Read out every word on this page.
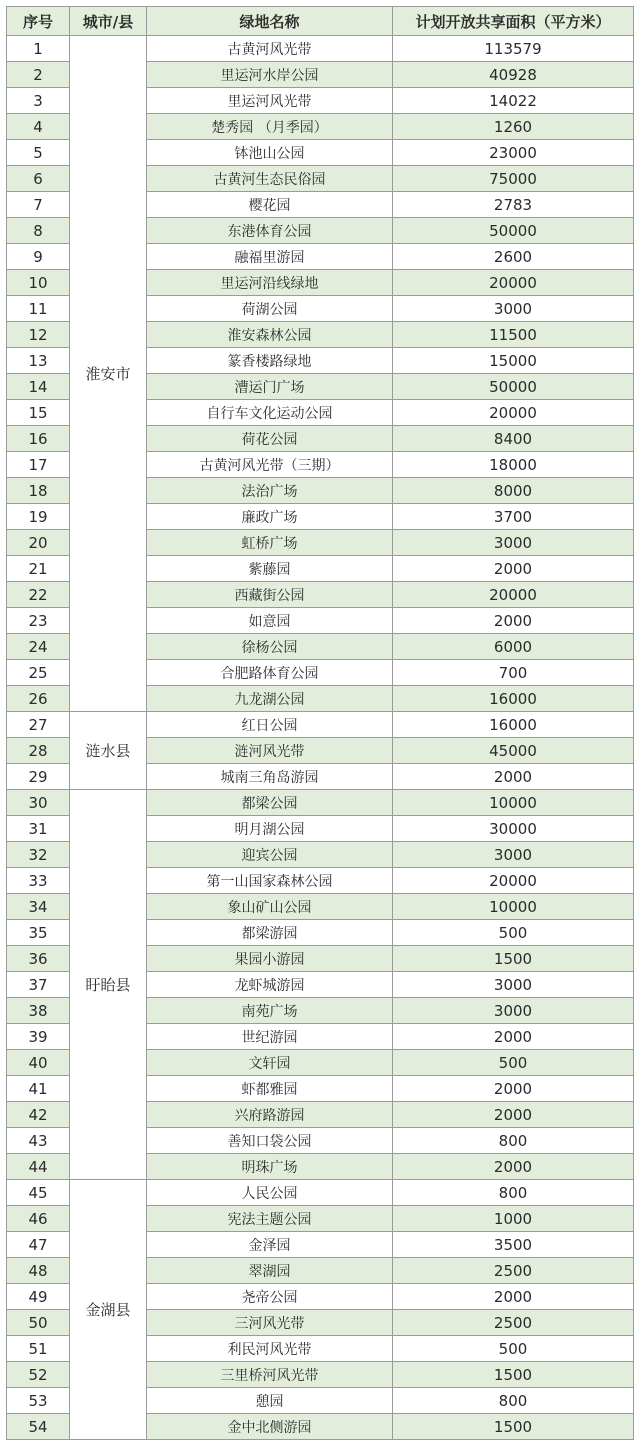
序号	城市/县	绿地名称	计划开放共享面积（平方米）
1	淮安市	古黄河风光带	113579
2		里运河水岸公园	40928
3		里运河风光带	14022
4		楚秀园 （月季园）	1260
5		钵池山公园	23000
6		古黄河生态民俗园	75000
7		樱花园	2783
8		东港体育公园	50000
9		融福里游园	2600
10		里运河沿线绿地	20000
11		荷湖公园	3000
12		淮安森林公园	11500
13		篆香楼路绿地	15000
14		漕运门广场	50000
15		自行车文化运动公园	20000
16		荷花公园	8400
17		古黄河风光带（三期）	18000
18		法治广场	8000
19		廉政广场	3700
20		虹桥广场	3000
21		紫藤园	2000
22		西藏街公园	20000
23		如意园	2000
24		徐杨公园	6000
25		合肥路体育公园	700
26		九龙湖公园	16000
27	涟水县	红日公园	16000
28		涟河风光带	45000
29		城南三角岛游园	2000
30	盱眙县	都梁公园	10000
31		明月湖公园	30000
32		迎宾公园	3000
33		第一山国家森林公园	20000
34		象山矿山公园	10000
35		都梁游园	500
36		果园小游园	1500
37		龙虾城游园	3000
38		南苑广场	3000
39		世纪游园	2000
40		文轩园	500
41		虾都雅园	2000
42		兴府路游园	2000
43		善知口袋公园	800
44		明珠广场	2000
45	金湖县	人民公园	800
46		宪法主题公园	1000
47		金泽园	3500
48		翠湖园	2500
49		尧帝公园	2000
50		三河风光带	2500
51		利民河风光带	500
52		三里桥河风光带	1500
53		憩园	800
54		金中北侧游园	1500
